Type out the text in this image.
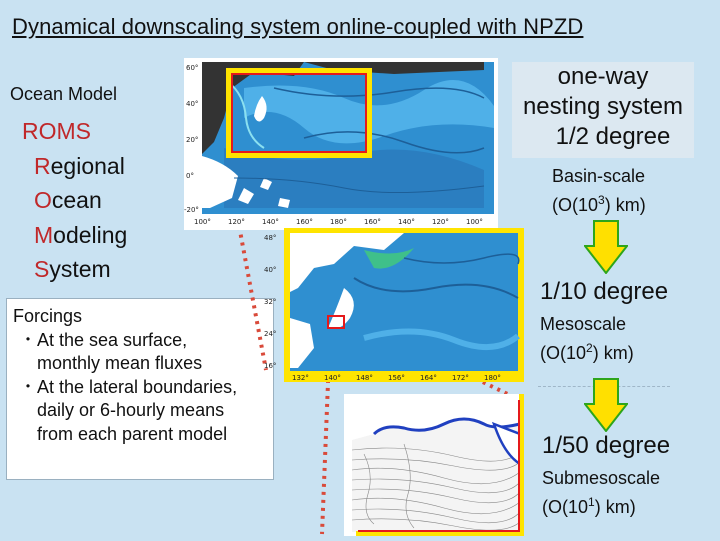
Dynamical downscaling system online-coupled with NPZD
Ocean Model
ROMS
Regional
Ocean
Modeling
System
Forcings
・At the sea surface,
monthly mean fluxes
・At the lateral boundaries,
daily or 6-hourly means
from each parent model
60°
40°
20°
0°
-20°
100° 120° 140° 160° 180° 160° 140° 120° 100°
132° 140° 148° 156° 164° 172° 180°
48°
40°
32°
24°
16°
one-way
nesting system
1/2 degree
Basin-scale
($O(10^3)$ km)
1/10 degree
Mesoscale
($O(10^2)$ km)
1/50 degree
Submesoscale
($O(10^1)$ km)
